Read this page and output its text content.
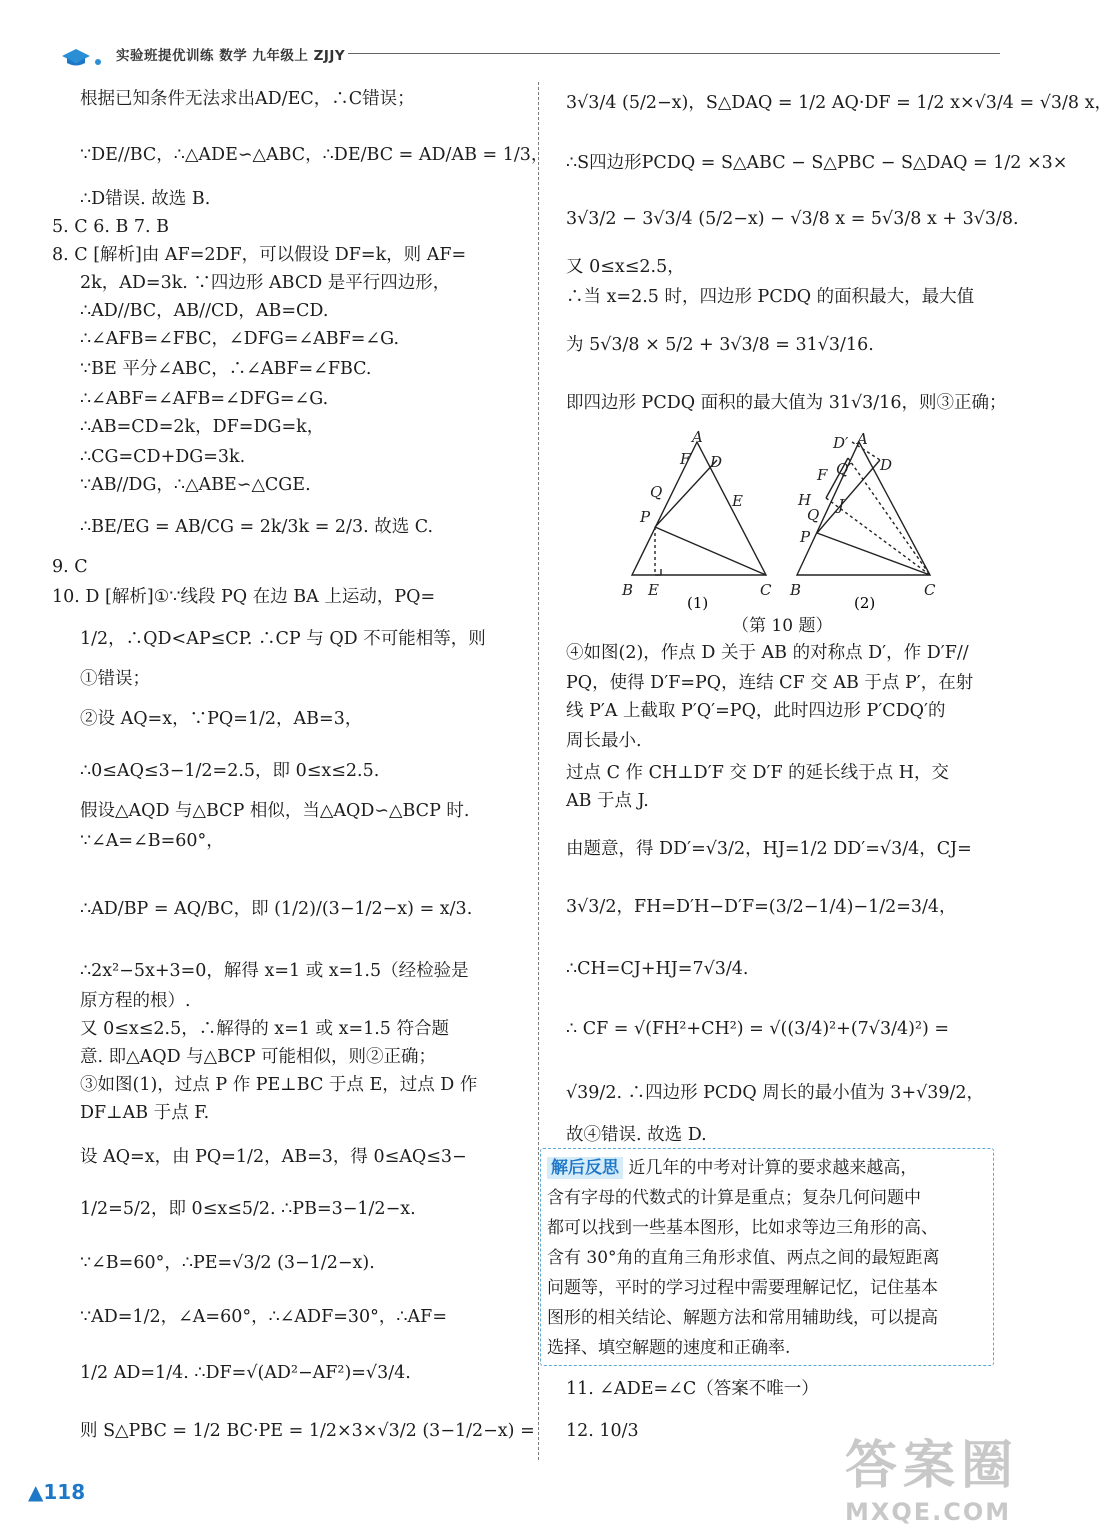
实验班提优训练 数学 九年级上 ZJJY
根据已知条件无法求出AD/EC，∴C错误；
∵DE//BC，∴△ADE∽△ABC，∴DE/BC = AD/AB = 1/3，
∴D错误. 故选 B.
5. C 6. B 7. B
8. C [解析]由 AF=2DF，可以假设 DF=k，则 AF=
2k，AD=3k. ∵四边形 ABCD 是平行四边形，
∴AD//BC，AB//CD，AB=CD.
∴∠AFB=∠FBC，∠DFG=∠ABF=∠G.
∵BE 平分∠ABC，∴∠ABF=∠FBC.
∴∠ABF=∠AFB=∠DFG=∠G.
∴AB=CD=2k，DF=DG=k，
∴CG=CD+DG=3k.
∵AB//DG，∴△ABE∽△CGE.
∴BE/EG = AB/CG = 2k/3k = 2/3. 故选 C.
9. C
10. D [解析]①∵线段 PQ 在边 BA 上运动，PQ=
1/2，∴QD<AP≤CP. ∴CP 与 QD 不可能相等，则
①错误；
②设 AQ=x，∵PQ=1/2，AB=3，
∴0≤AQ≤3−1/2=2.5，即 0≤x≤2.5.
假设△AQD 与△BCP 相似，当△AQD∽△BCP 时.
∵∠A=∠B=60°，
∴AD/BP = AQ/BC，即 (1/2)/(3−1/2−x) = x/3.
∴2x²−5x+3=0，解得 x=1 或 x=1.5（经检验是
原方程的根）.
又 0≤x≤2.5，∴解得的 x=1 或 x=1.5 符合题
意. 即△AQD 与△BCP 可能相似，则②正确；
③如图(1)，过点 P 作 PE⊥BC 于点 E，过点 D 作
DF⊥AB 于点 F.
设 AQ=x，由 PQ=1/2，AB=3，得 0≤AQ≤3−
1/2=5/2，即 0≤x≤5/2. ∴PB=3−1/2−x.
∵∠B=60°，∴PE=√3/2 (3−1/2−x).
∵AD=1/2，∠A=60°，∴∠ADF=30°，∴AF=
1/2 AD=1/4. ∴DF=√(AD²−AF²)=√3/4.
则 S△PBC = 1/2 BC·PE = 1/2×3×√3/2 (3−1/2−x) =
3√3/4 (5/2−x)，S△DAQ = 1/2 AQ·DF = 1/2 x×√3/4 = √3/8 x，
∴S四边形PCDQ = S△ABC − S△PBC − S△DAQ = 1/2 ×3×
3√3/2 − 3√3/4 (5/2−x) − √3/8 x = 5√3/8 x + 3√3/8.
又 0≤x≤2.5，
∴当 x=2.5 时，四边形 PCDQ 的面积最大，最大值
为 5√3/8 × 5/2 + 3√3/8 = 31√3/16.
即四边形 PCDQ 面积的最大值为 31√3/16，则③正确；
④如图(2)，作点 D 关于 AB 的对称点 D′，作 D′F//
PQ，使得 D′F=PQ，连结 CF 交 AB 于点 P′，在射
线 P′A 上截取 P′Q′=PQ，此时四边形 P′CDQ′的
周长最小.
过点 C 作 CH⊥D′F 交 D′F 的延长线于点 H，交
AB 于点 J.
由题意，得 DD′=√3/2，HJ=1/2 DD′=√3/4，CJ=
3√3/2，FH=D′H−D′F=(3/2−1/4)−1/2=3/4，
∴CH=CJ+HJ=7√3/4.
∴ CF = √(FH²+CH²) = √((3/4)²+(7√3/4)²) =
√39/2. ∴四边形 PCDQ 周长的最小值为 3+√39/2，
故④错误. 故选 D.
11. ∠ADE=∠C（答案不唯一）
12. 10/3
A
F D
Q	E
P
B E	C
D′ A
F Q′ D
H J
Q
P
B	C
(1)	(2)
（第 10 题）
解后反思 近几年的中考对计算的要求越来越高，
含有字母的代数式的计算是重点；复杂几何问题中
都可以找到一些基本图形，比如求等边三角形的高、
含有 30°角的直角三角形求值、两点之间的最短距离
问题等，平时的学习过程中需要理解记忆，记住基本
图形的相关结论、解题方法和常用辅助线，可以提高
选择、填空解题的速度和正确率.
▲118	答案圈
MXQE.COM
